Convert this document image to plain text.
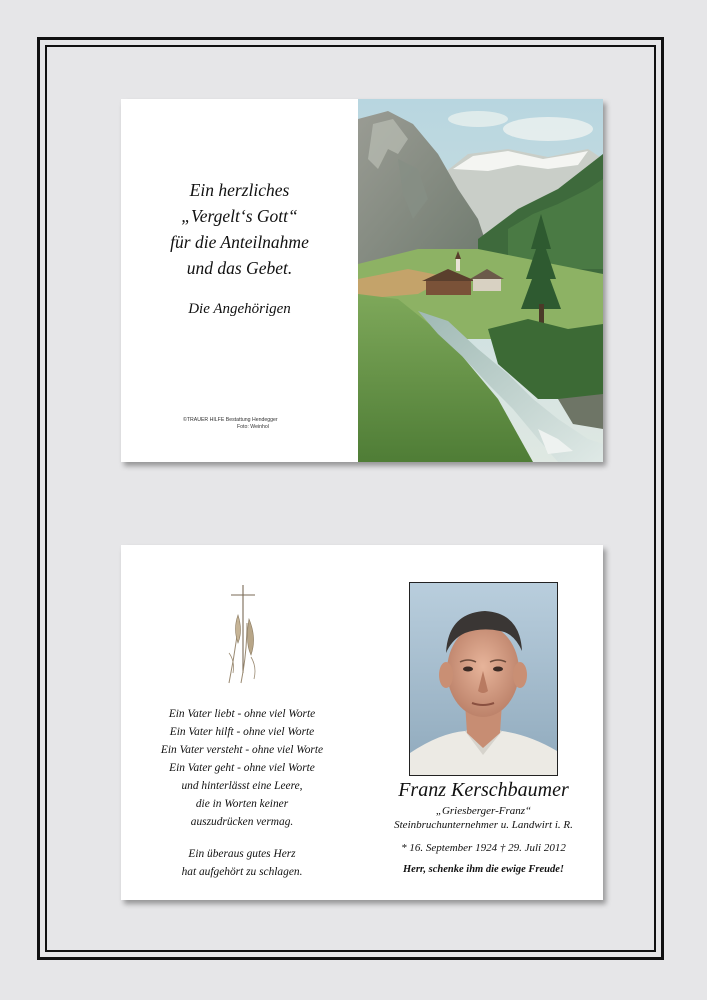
Ein herzliches
„Vergelt‘s Gott“
für die Anteilnahme
und das Gebet.
Die Angehörigen
©TRAUER HILFE Bestattung Hendegger
Foto: Weinhol
Ein Vater liebt - ohne viel Worte
Ein Vater hilft - ohne viel Worte
Ein Vater versteht - ohne viel Worte
Ein Vater geht - ohne viel Worte
und hinterlässt eine Leere,
die in Worten keiner
auszudrücken vermag.
Ein überaus gutes Herz
hat aufgehört zu schlagen.
Franz Kerschbaumer
„Griesberger-Franz“
Steinbruchunternehmer u. Landwirt i. R.
* 16. September 1924 † 29. Juli 2012
Herr, schenke ihm die ewige Freude!
